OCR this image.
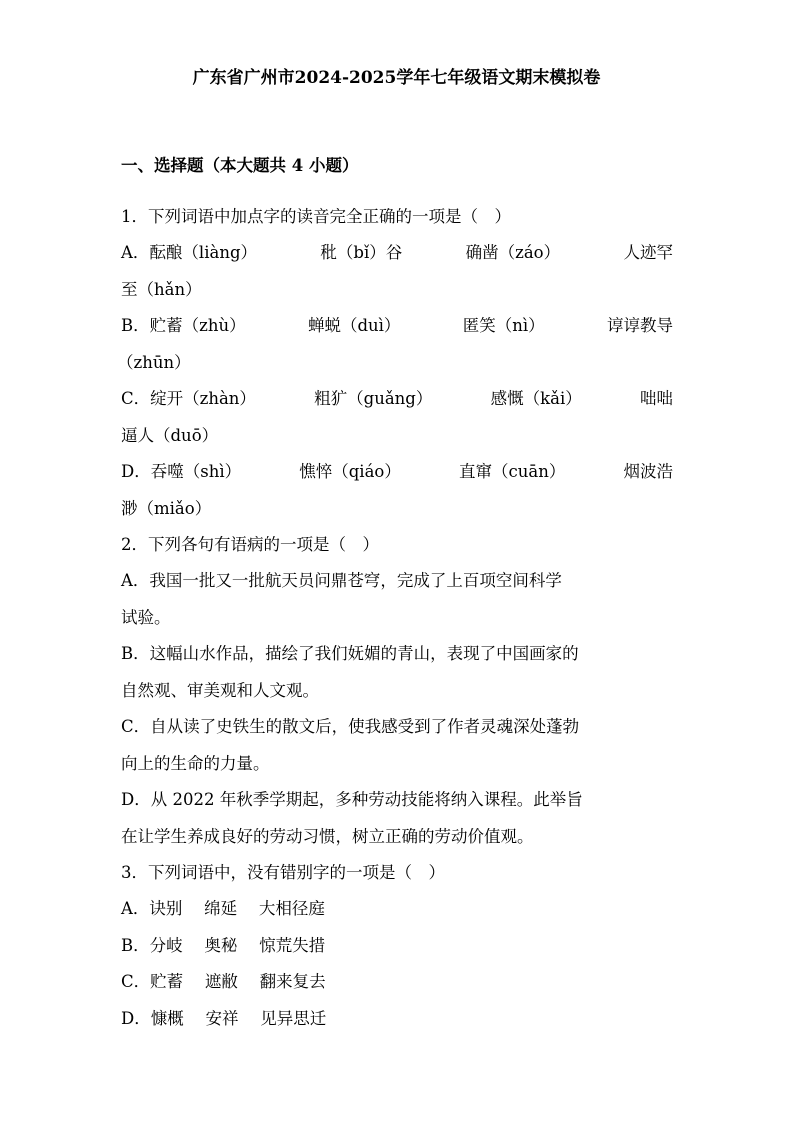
广东省广州市2024-2025学年七年级语文期末模拟卷
一、选择题（本大题共 4 小题）
1．下列词语中加点字的读音完全正确的一项是（　）
A．酝酿（liàng）	秕（bǐ）谷	确凿（záo）	人迹罕
至（hǎn）
B．贮蓄（zhù）	蝉蜕（duì）	匿笑（nì）	谆谆教导
（zhūn）
C．绽开（zhàn）	粗犷（guǎng）	感慨（kǎi）	咄咄
逼人（duō）
D．吞噬（shì）	憔悴（qiáo）	直窜（cuān）	烟波浩
渺（miǎo）
2．下列各句有语病的一项是（　）
A．我国一批又一批航天员问鼎苍穹，完成了上百项空间科学
试验。
B．这幅山水作品，描绘了我们妩媚的青山，表现了中国画家的
自然观、审美观和人文观。
C．自从读了史铁生的散文后，使我感受到了作者灵魂深处蓬勃
向上的生命的力量。
D．从 2022 年秋季学期起，多种劳动技能将纳入课程。此举旨
在让学生养成良好的劳动习惯，树立正确的劳动价值观。
3．下列词语中，没有错别字的一项是（　）
A．诀别　 绵延　 大相径庭
B．分岐　 奥秘　 惊荒失措
C．贮蓄　 遮敝　 翻来复去
D．慷概　 安祥　 见异思迁
